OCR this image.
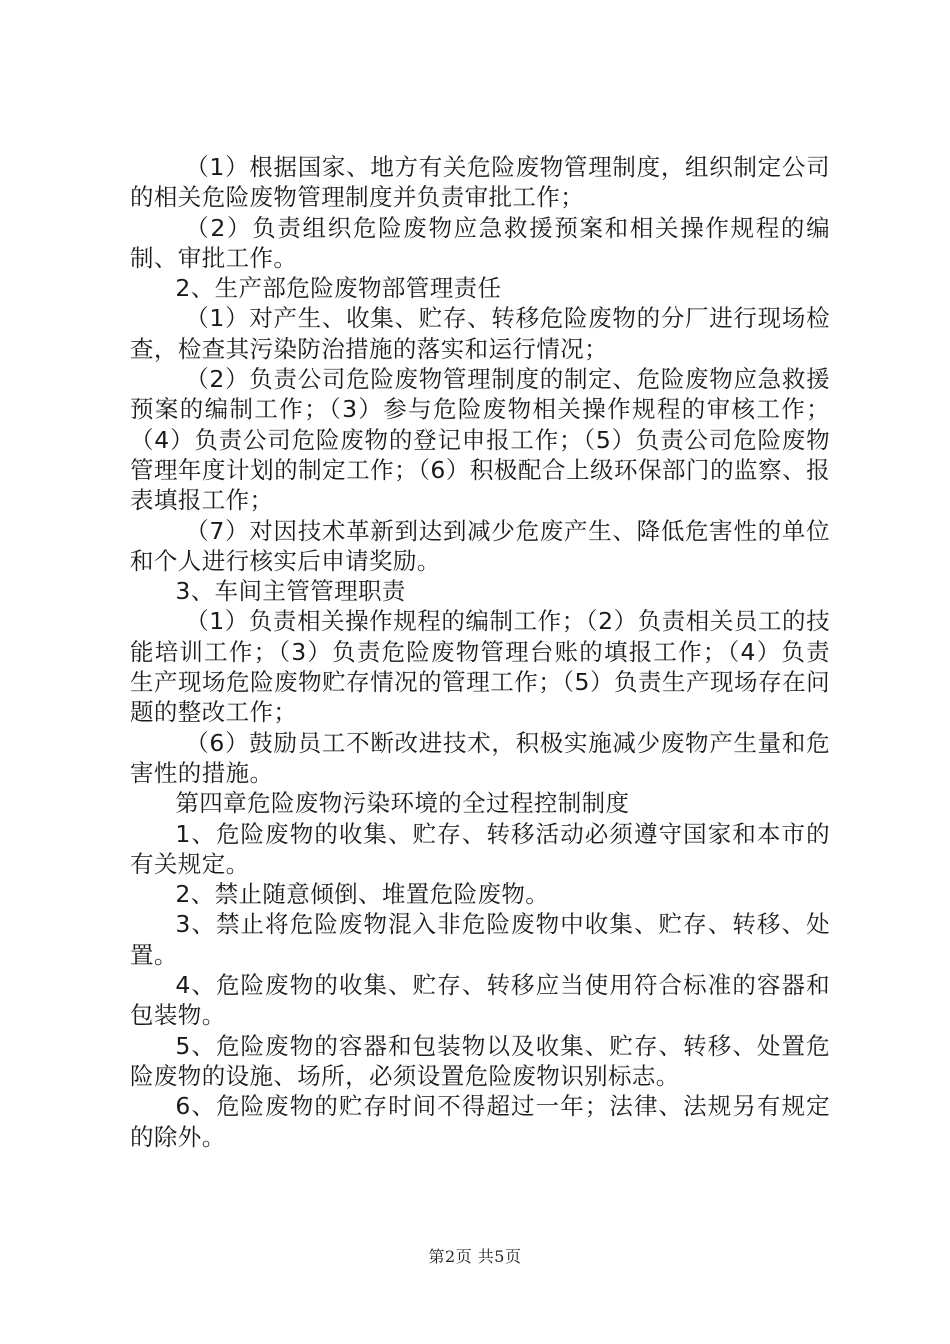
（1）根据国家、地方有关危险废物管理制度，组织制定公司的相关危险废物管理制度并负责审批工作；

（2）负责组织危险废物应急救援预案和相关操作规程的编制、审批工作。

2、生产部危险废物部管理责任

（1）对产生、收集、贮存、转移危险废物的分厂进行现场检查，检查其污染防治措施的落实和运行情况；

（2）负责公司危险废物管理制度的制定、危险废物应急救援预案的编制工作；（3）参与危险废物相关操作规程的审核工作；（4）负责公司危险废物的登记申报工作；（5）负责公司危险废物管理年度计划的制定工作；（6）积极配合上级环保部门的监察、报表填报工作；

（7）对因技术革新到达到减少危废产生、降低危害性的单位和个人进行核实后申请奖励。

3、车间主管管理职责

（1）负责相关操作规程的编制工作；（2）负责相关员工的技能培训工作；（3）负责危险废物管理台账的填报工作；（4）负责生产现场危险废物贮存情况的管理工作；（5）负责生产现场存在问题的整改工作；

（6）鼓励员工不断改进技术，积极实施减少废物产生量和危害性的措施。

第四章危险废物污染环境的全过程控制制度

1、危险废物的收集、贮存、转移活动必须遵守国家和本市的有关规定。

2、禁止随意倾倒、堆置危险废物。

3、禁止将危险废物混入非危险废物中收集、贮存、转移、处置。

4、危险废物的收集、贮存、转移应当使用符合标准的容器和包装物。

5、危险废物的容器和包装物以及收集、贮存、转移、处置危险废物的设施、场所，必须设置危险废物识别标志。

6、危险废物的贮存时间不得超过一年；法律、法规另有规定的除外。

第2页 共5页
